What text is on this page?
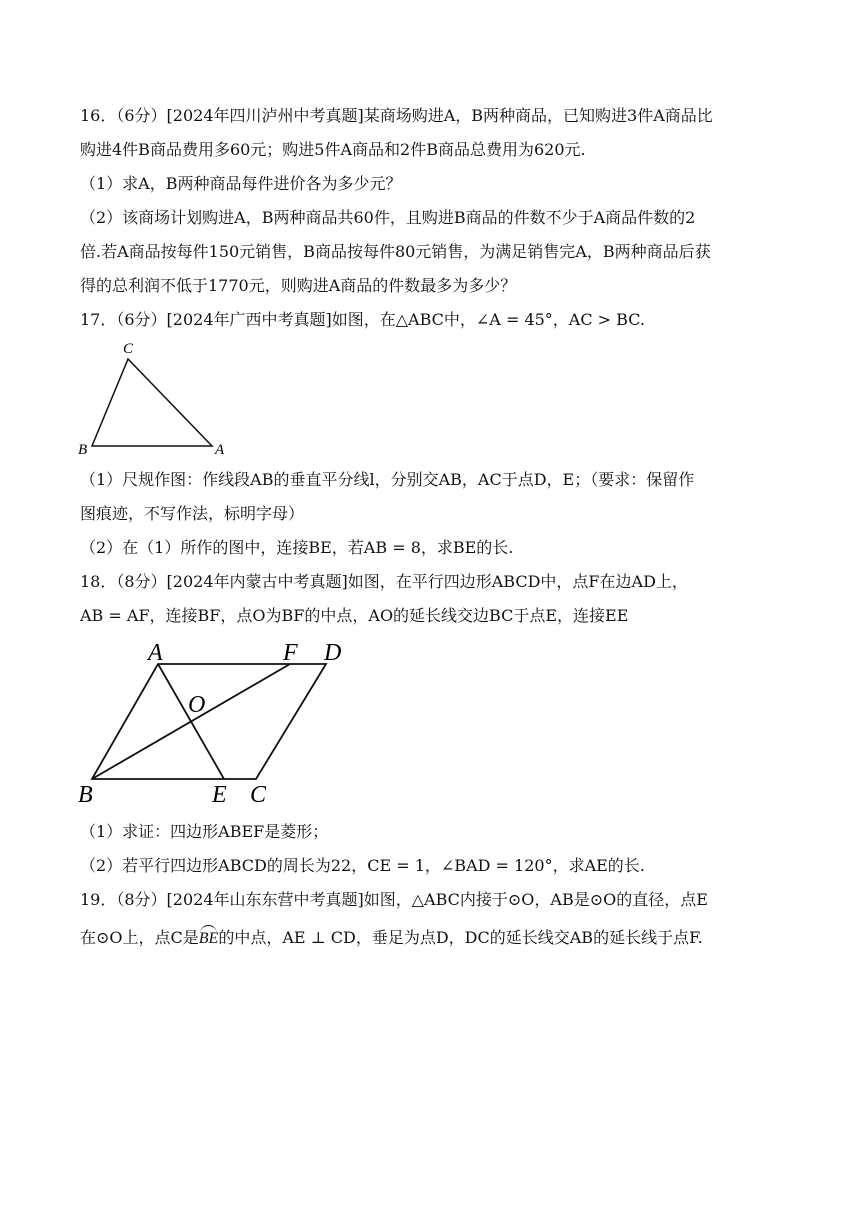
16．（6分）[2024年四川泸州中考真题]某商场购进A，B两种商品，已知购进3件A商品比
购进4件B商品费用多60元；购进5件A商品和2件B商品总费用为620元.
（1）求A，B两种商品每件进价各为多少元？
（2）该商场计划购进A，B两种商品共60件，且购进B商品的件数不少于A商品件数的2
倍.若A商品按每件150元销售，B商品按每件80元销售，为满足销售完A，B两种商品后获
得的总利润不低于1770元，则购进A商品的件数最多为多少？
17．（6分）[2024年广西中考真题]如图，在△ABC中，∠A = 45°，AC > BC.
C
B	A
（1）尺规作图：作线段AB的垂直平分线l，分别交AB，AC于点D，E；（要求：保留作
图痕迹，不写作法，标明字母）
（2）在（1）所作的图中，连接BE，若AB = 8，求BE的长.
18．（8分）[2024年内蒙古中考真题]如图，在平行四边形ABCD中，点F在边AD上，
AB = AF，连接BF，点O为BF的中点，AO的延长线交边BC于点E，连接EE
A	F D
O
B	E C
（1）求证：四边形ABEF是菱形；
（2）若平行四边形ABCD的周长为22，CE = 1，∠BAD = 120°，求AE的长.
19．（8分）[2024年山东东营中考真题]如图，△ABC内接于⊙O，AB是⊙O的直径，点E
在⊙O上，点C是BE的中点，AE ⊥ CD，垂足为点D，DC的延长线交AB的延长线于点F.
